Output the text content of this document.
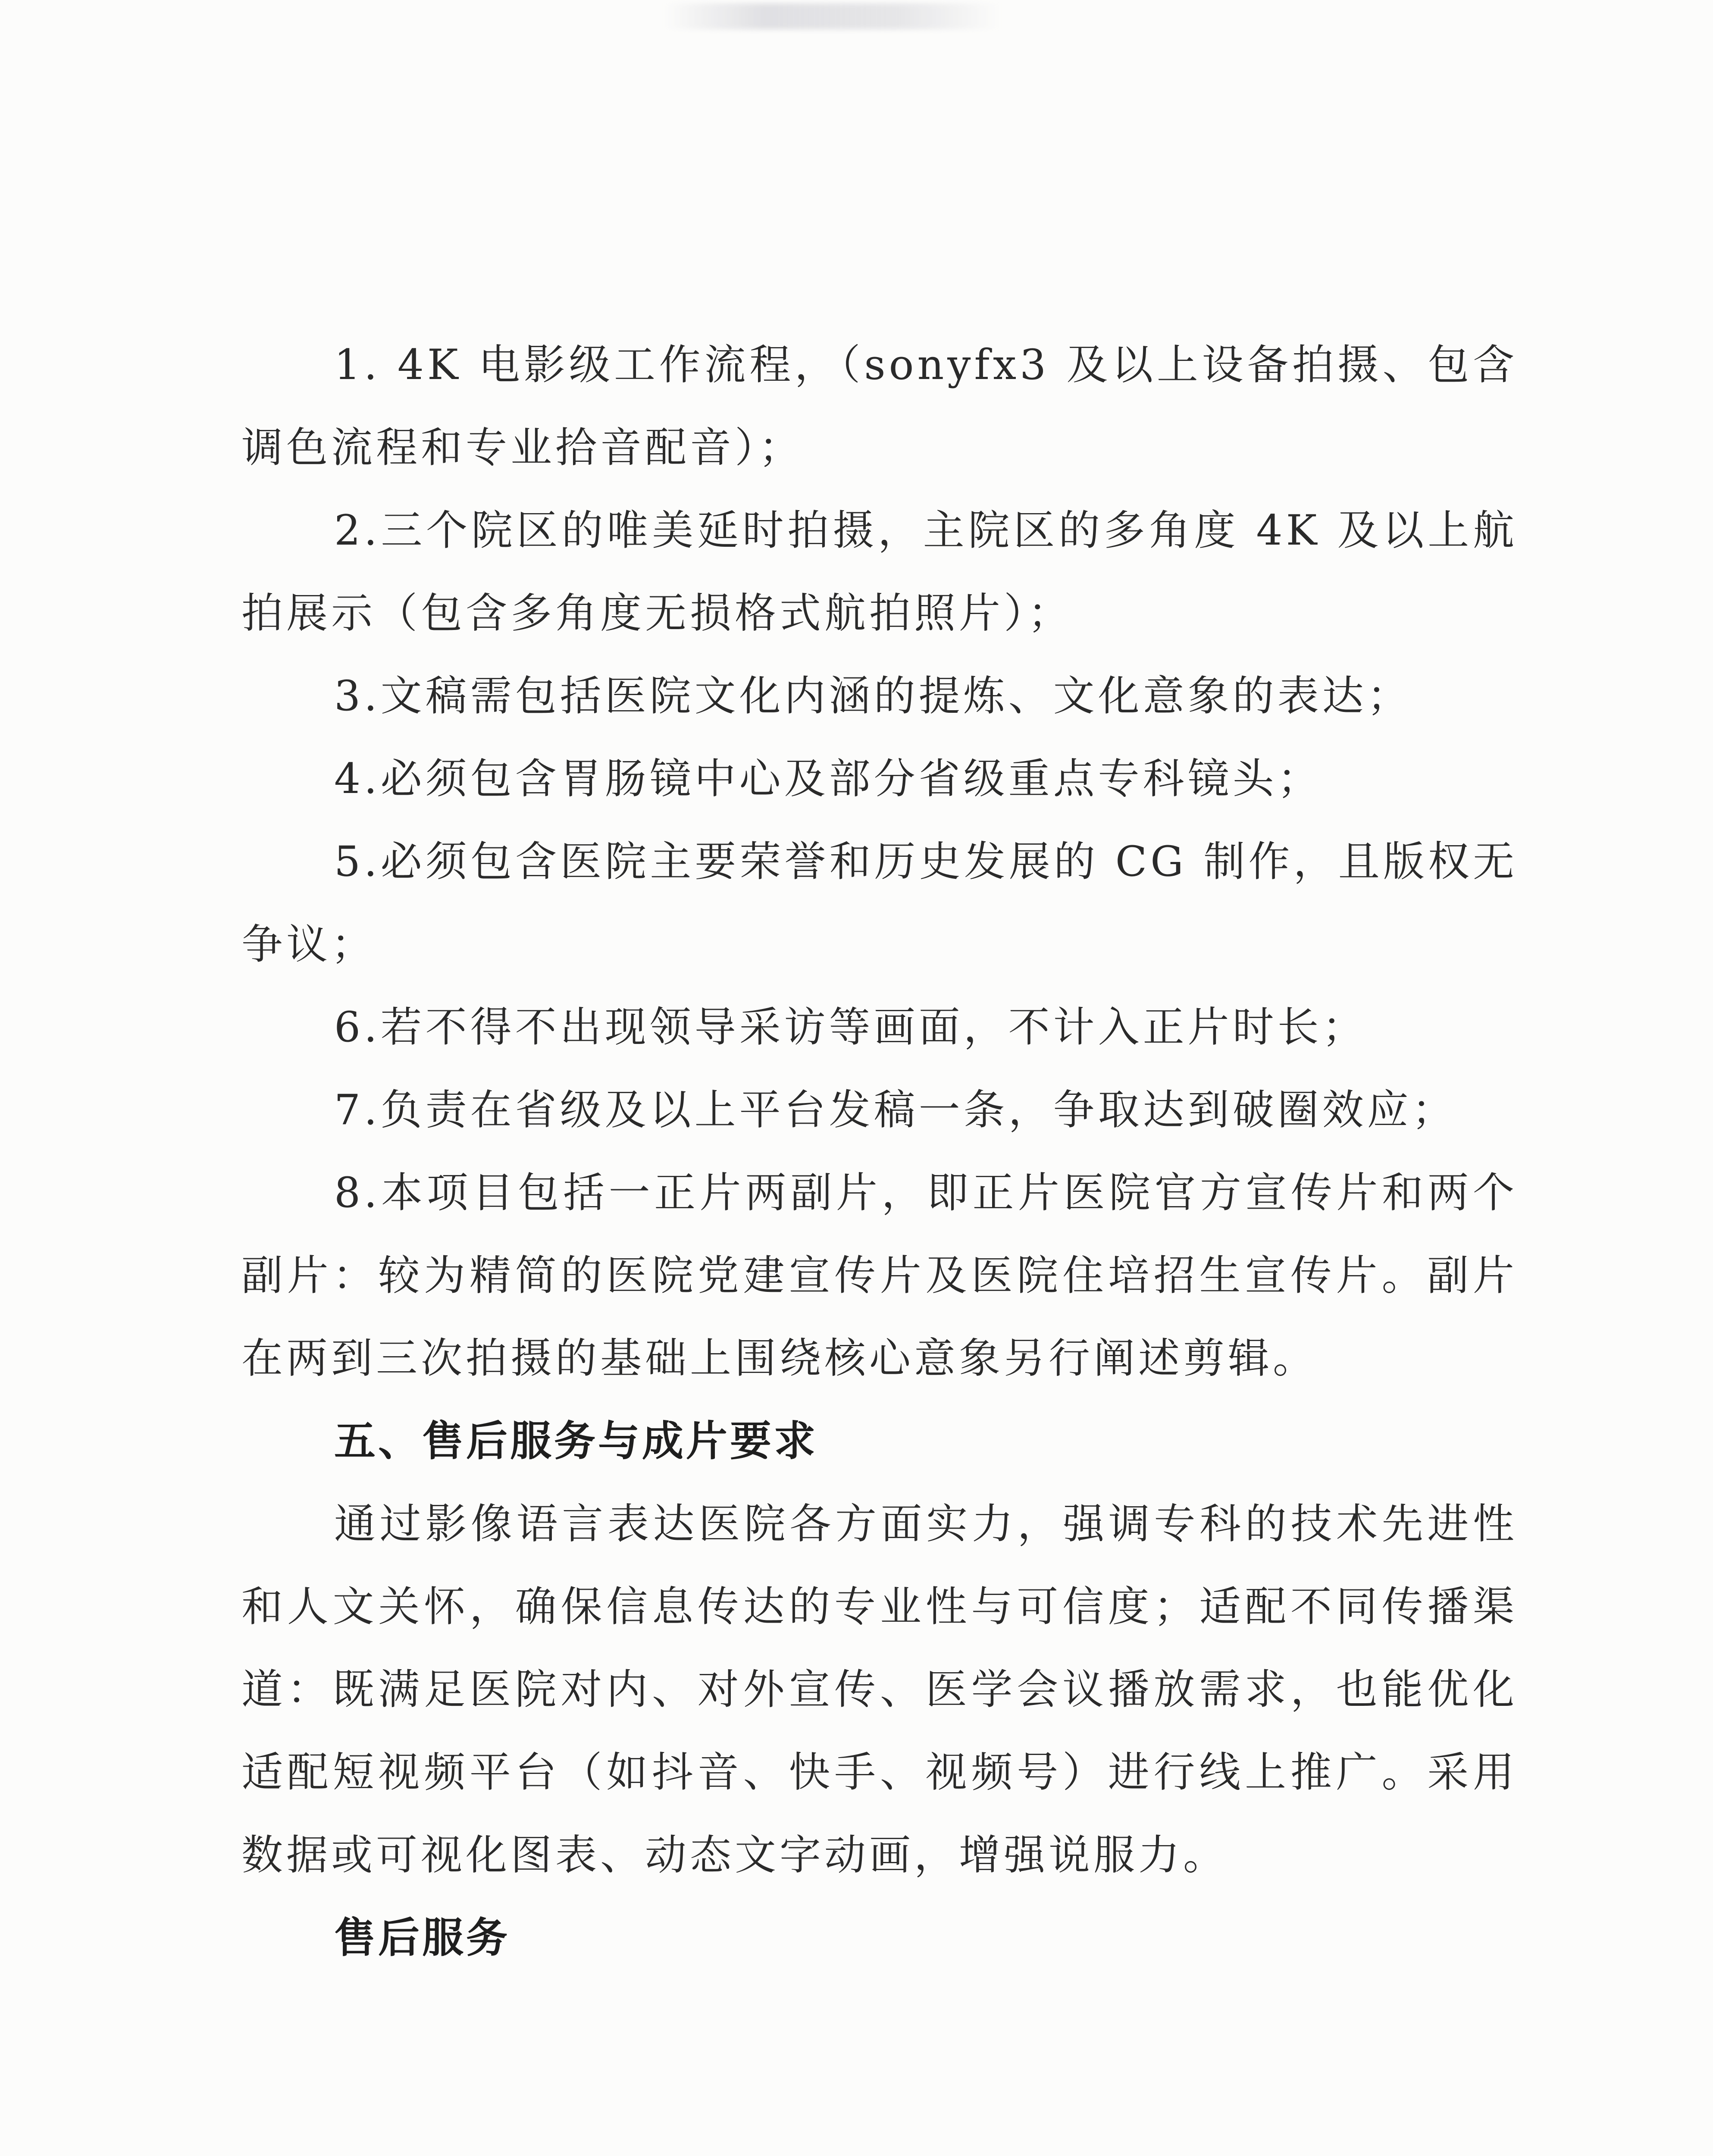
1. 4K 电影级工作流程，（sonyfx3 及以上设备拍摄、包含调色流程和专业拾音配音）；

2.三个院区的唯美延时拍摄，主院区的多角度 4K 及以上航拍展示（包含多角度无损格式航拍照片）；

3.文稿需包括医院文化内涵的提炼、文化意象的表达；

4.必须包含胃肠镜中心及部分省级重点专科镜头；

5.必须包含医院主要荣誉和历史发展的 CG 制作，且版权无争议；

6.若不得不出现领导采访等画面，不计入正片时长；

7.负责在省级及以上平台发稿一条，争取达到破圈效应；

8.本项目包括一正片两副片，即正片医院官方宣传片和两个副片：较为精简的医院党建宣传片及医院住培招生宣传片。副片在两到三次拍摄的基础上围绕核心意象另行阐述剪辑。

五、售后服务与成片要求

通过影像语言表达医院各方面实力，强调专科的技术先进性和人文关怀，确保信息传达的专业性与可信度；适配不同传播渠道：既满足医院对内、对外宣传、医学会议播放需求，也能优化适配短视频平台（如抖音、快手、视频号）进行线上推广。采用数据或可视化图表、动态文字动画，增强说服力。

售后服务
